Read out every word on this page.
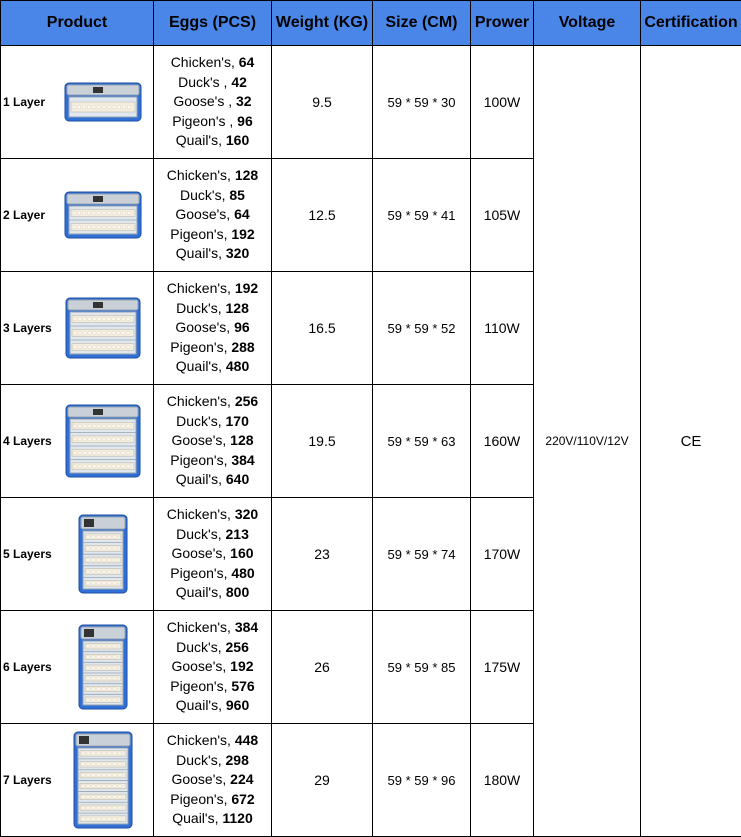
Product	Eggs (PCS)	Weight (KG)	Size (CM)	Prower	Voltage	Certification

1 Layer	Chicken's, 64
Duck's , 42
Goose's , 32
Pigeon's , 96
Quail's, 160	9.5	59 * 59 * 30	100W	220V/110V/12V	CE

2 Layer	Chicken's, 128
Duck's, 85
Goose's, 64
Pigeon's, 192
Quail's, 320	12.5	59 * 59 * 41	105W		

3 Layers	Chicken's, 192
Duck's, 128
Goose's, 96
Pigeon's, 288
Quail's, 480	16.5	59 * 59 * 52	110W		

4 Layers	Chicken's, 256
Duck's, 170
Goose's, 128
Pigeon's, 384
Quail's, 640	19.5	59 * 59 * 63	160W		

5 Layers	Chicken's, 320
Duck's, 213
Goose's, 160
Pigeon's, 480
Quail's, 800	23	59 * 59 * 74	170W		

6 Layers	Chicken's, 384
Duck's, 256
Goose's, 192
Pigeon's, 576
Quail's, 960	26	59 * 59 * 85	175W		

7 Layers	Chicken's, 448
Duck's, 298
Goose's, 224
Pigeon's, 672
Quail's, 1120	29	59 * 59 * 96	180W		
